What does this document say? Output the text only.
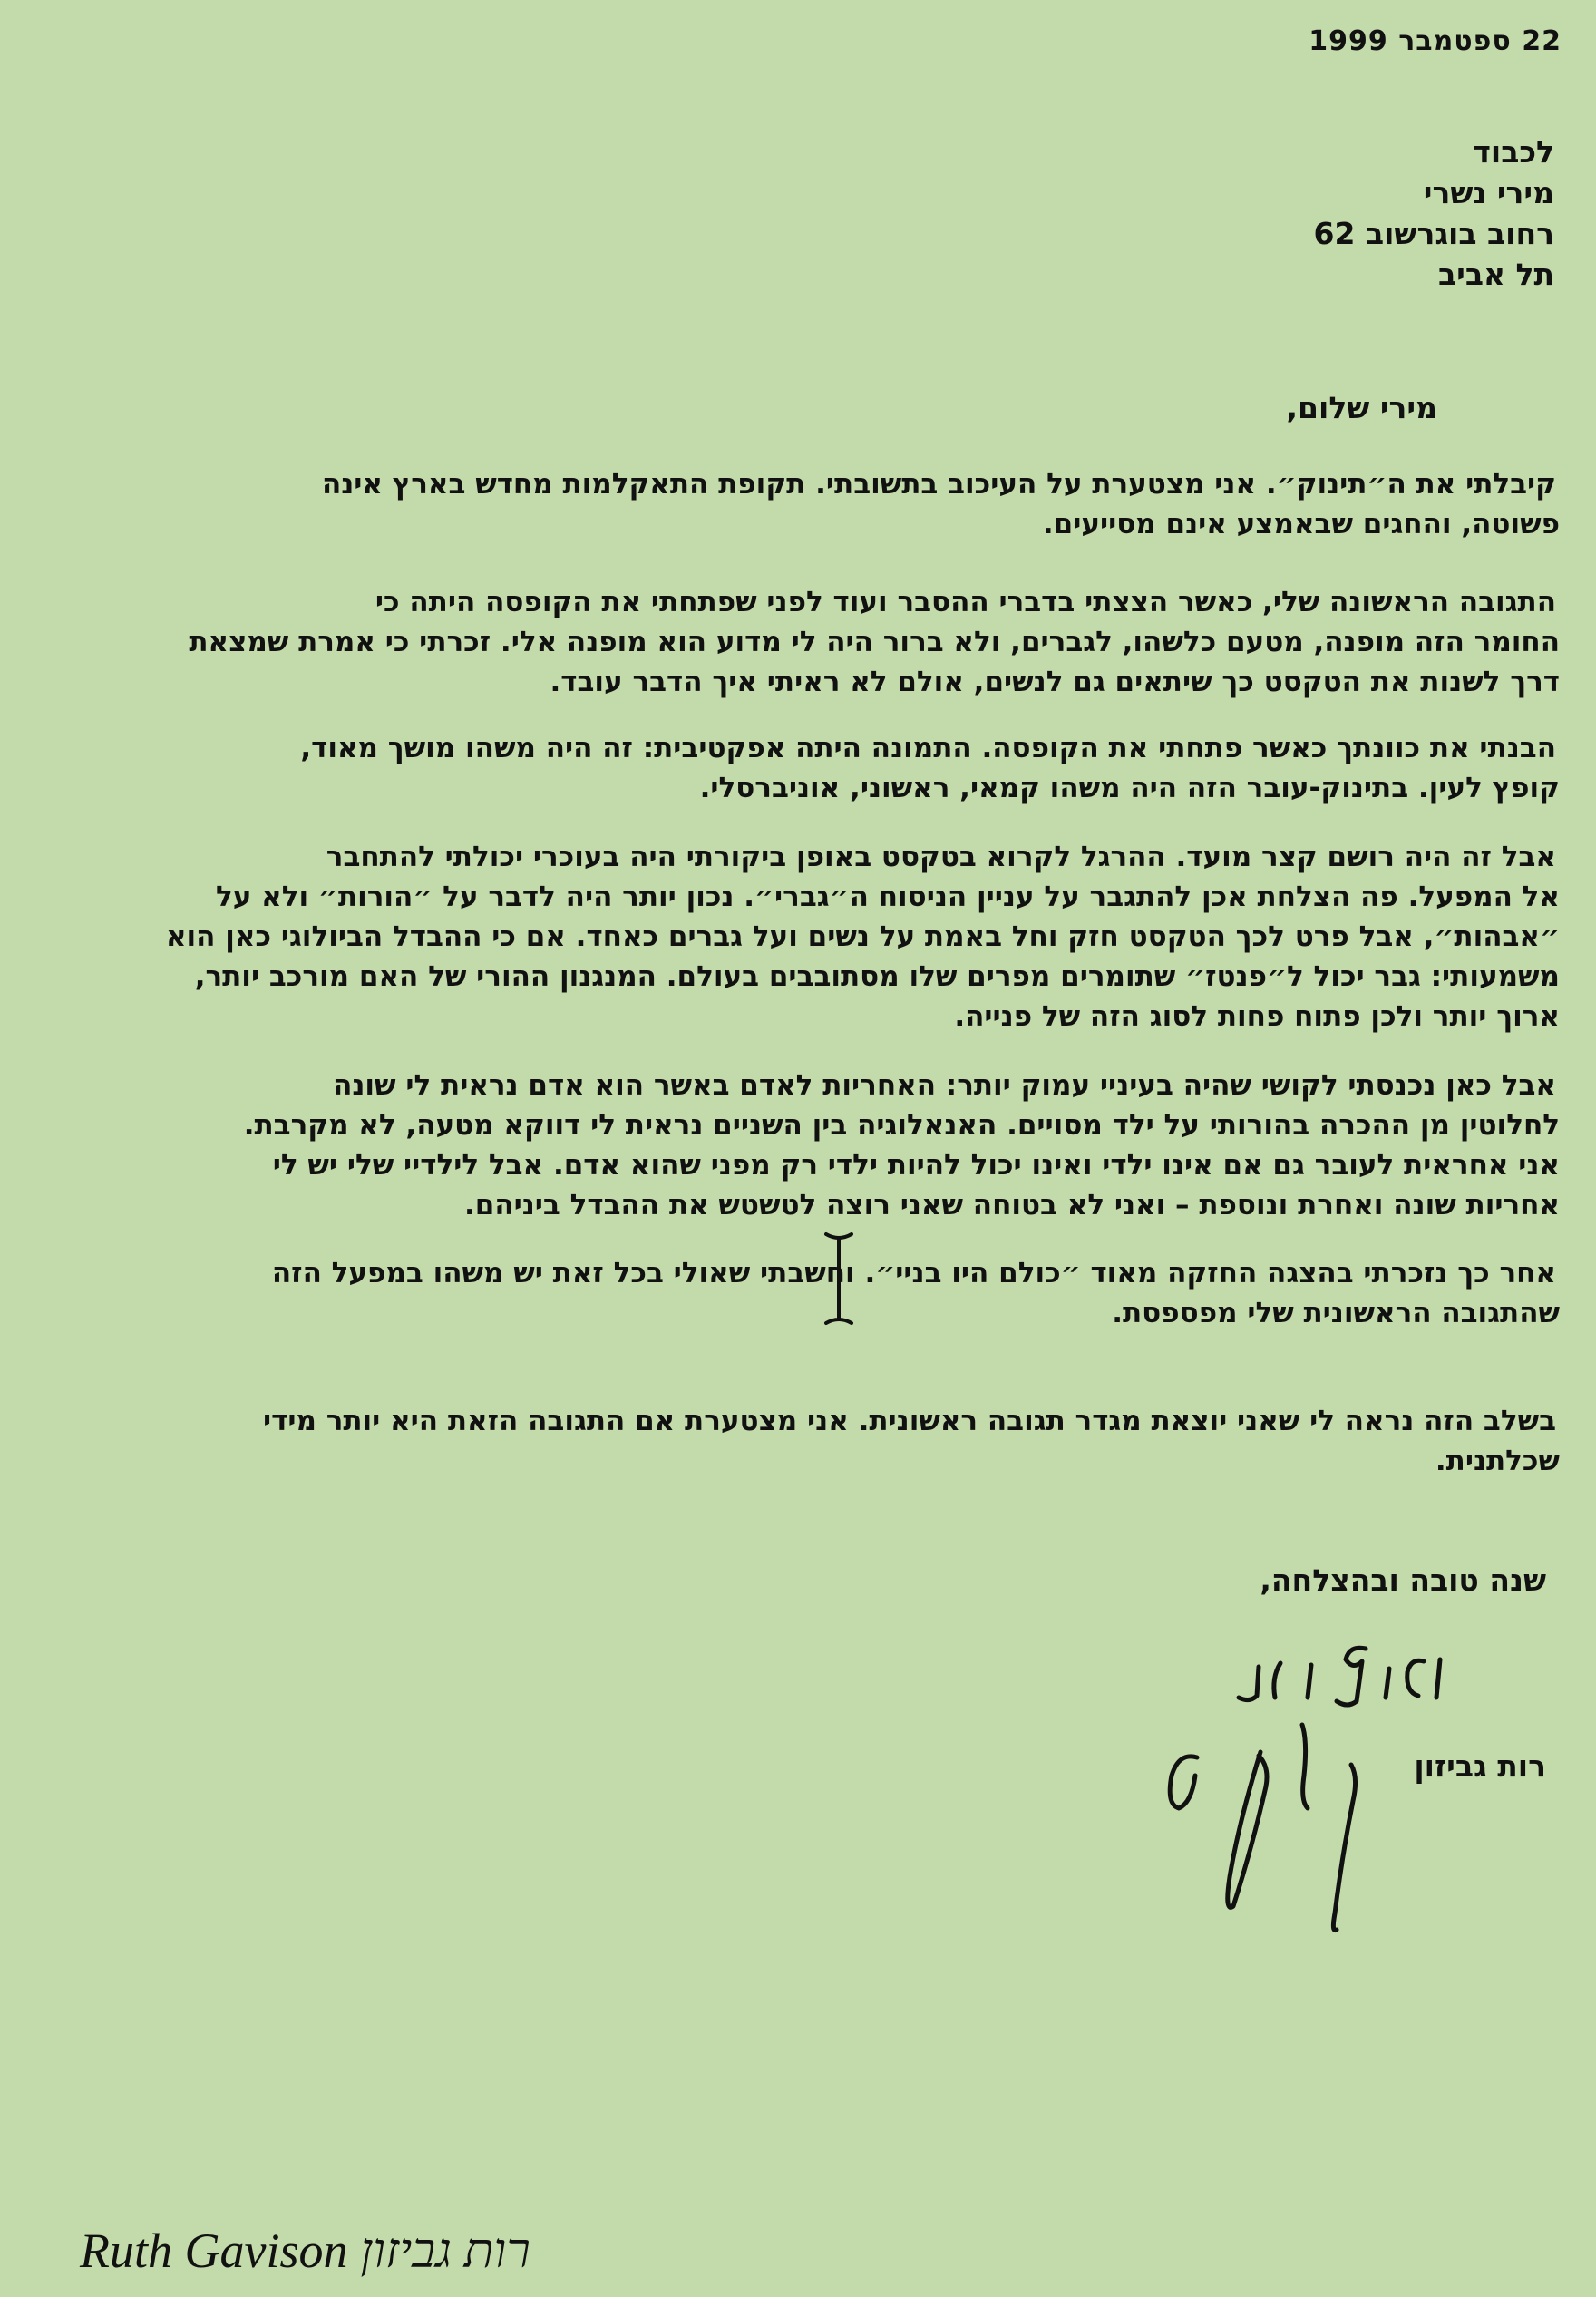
22 ספטמבר 1999
לכבוד
מירי נשרי
רחוב בוגרשוב 62
תל אביב
מירי שלום,
קיבלתי את ה״תינוק״. אני מצטערת על העיכוב בתשובתי. תקופת התאקלמות מחדש בארץ אינה
פשוטה, והחגים שבאמצע אינם מסייעים.
התגובה הראשונה שלי, כאשר הצצתי בדברי ההסבר ועוד לפני שפתחתי את הקופסה היתה כי
החומר הזה מופנה, מטעם כלשהו, לגברים, ולא ברור היה לי מדוע הוא מופנה אלי. זכרתי כי אמרת שמצאת
דרך לשנות את הטקסט כך שיתאים גם לנשים, אולם לא ראיתי איך הדבר עובד.
הבנתי את כוונתך כאשר פתחתי את הקופסה. התמונה היתה אפקטיבית: זה היה משהו מושך מאוד,
קופץ לעין. בתינוק-עובר הזה היה משהו קמאי, ראשוני, אוניברסלי.
אבל זה היה רושם קצר מועד. ההרגל לקרוא בטקסט באופן ביקורתי היה בעוכרי יכולתי להתחבר
אל המפעל. פה הצלחת אכן להתגבר על עניין הניסוח ה״גברי״. נכון יותר היה לדבר על ״הורות״ ולא על
״אבהות״, אבל פרט לכך הטקסט חזק וחל באמת על נשים ועל גברים כאחד. אם כי ההבדל הביולוגי כאן הוא
משמעותי: גבר יכול ל״פנטז״ שתומרים מפרים שלו מסתובבים בעולם. המנגנון ההורי של האם מורכב יותר,
ארוך יותר ולכן פתוח פחות לסוג הזה של פנייה.
אבל כאן נכנסתי לקושי שהיה בעיניי עמוק יותר: האחריות לאדם באשר הוא אדם נראית לי שונה
לחלוטין מן ההכרה בהורותי על ילד מסויים. האנאלוגיה בין השניים נראית לי דווקא מטעה, לא מקרבת.
אני אחראית לעובר גם אם אינו ילדי ואינו יכול להיות ילדי רק מפני שהוא אדם. אבל לילדיי שלי יש לי
אחריות שונה ואחרת ונוספת – ואני לא בטוחה שאני רוצה לטשטש את ההבדל ביניהם.
אחר כך נזכרתי בהצגה החזקה מאוד ״כולם היו בניי״. וחשבתי שאולי בכל זאת יש משהו במפעל הזה
שהתגובה הראשונית שלי מפספסת.
בשלב הזה נראה לי שאני יוצאת מגדר תגובה ראשונית. אני מצטערת אם התגובה הזאת היא יותר מידי
שכלתנית.
שנה טובה ובהצלחה,
רות גביזון
Ruth Gavison רות גביזון
